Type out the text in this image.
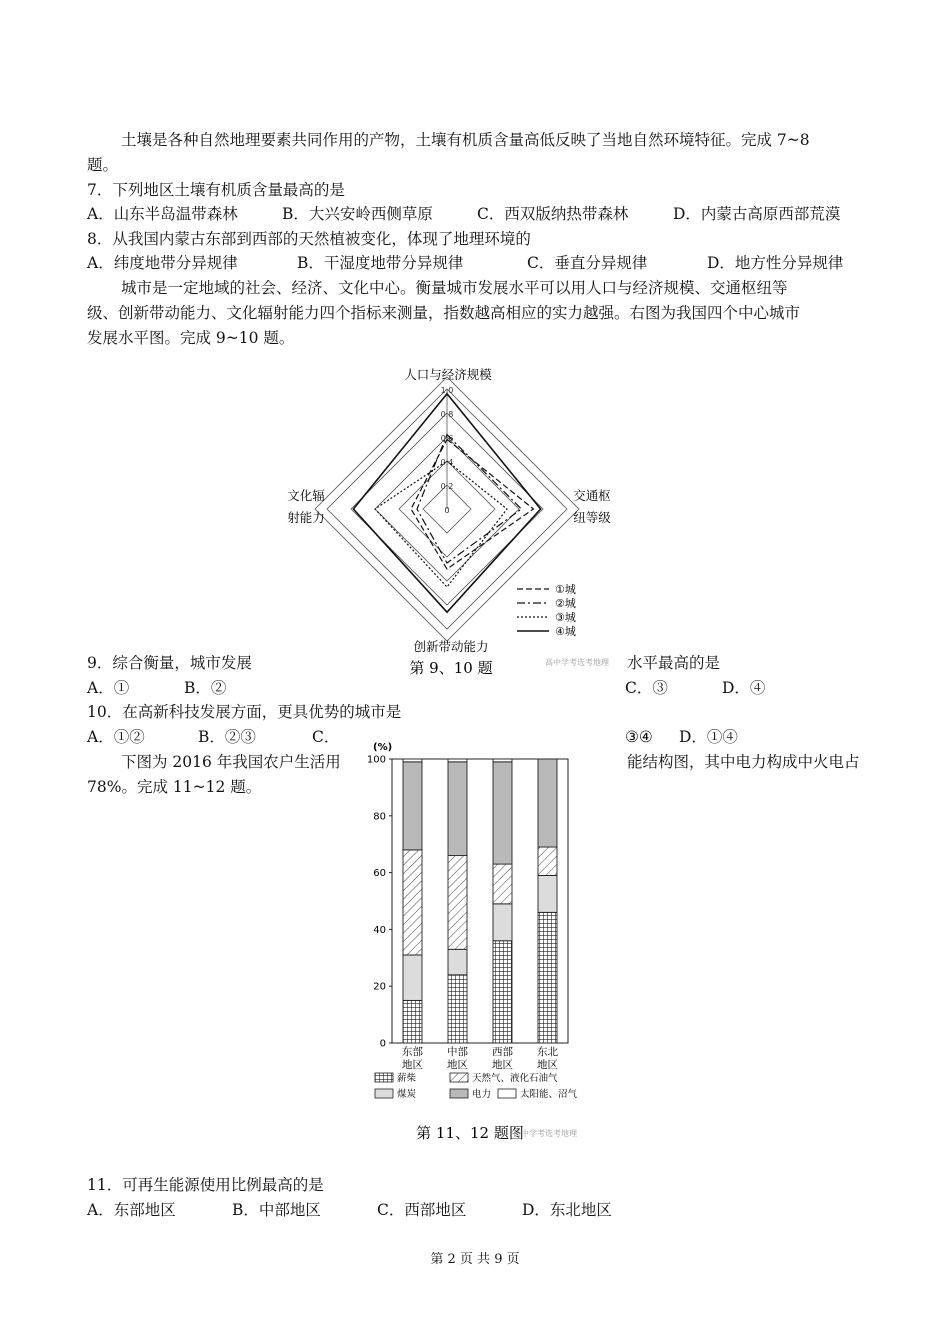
土壤是各种自然地理要素共同作用的产物，土壤有机质含量高低反映了当地自然环境特征。完成 7~8
题。
7．下列地区土壤有机质含量最高的是
A．山东半岛温带森林	B．大兴安岭西侧草原	C．西双版纳热带森林	D．内蒙古高原西部荒漠
8．从我国内蒙古东部到西部的天然植被变化，体现了地理环境的
A．纬度地带分异规律	B．干湿度地带分异规律	C．垂直分异规律	D．地方性分异规律
城市是一定地域的社会、经济、文化中心。衡量城市发展水平可以用人口与经济规模、交通枢纽等
级、创新带动能力、文化辐射能力四个指标来测量，指数越高相应的实力越强。右图为我国四个中心城市
发展水平图。完成 9~10 题。
0
0.2
0.4
0.6
0.8
1.0
人口与经济规模
交通枢
纽等级
文化辐
射能力
创新带动能力
①城
②城
③城
④城
第 9、10 题	高中学考选考地理
9．综合衡量，城市发展	水平最高的是
A．①	B．②	C．③	D．④
10．在高新科技发展方面，更具优势的城市是
A．①②	B．②③	C．	③④ D．①④
下图为 2016 年我国农户生活用	能结构图，其中电力构成中火电占
78%。完成 11~12 题。
0
20
40
60
80
100
东部
地区
中部
地区
西部
地区
东北
地区
(%)
薪柴	天然气、液化石油气
煤炭	电力	太阳能、沼气
第 11、12 题图
高中学考选考地理
11．可再生能源使用比例最高的是
A．东部地区	B．中部地区	C．西部地区	D．东北地区
第 2 页 共 9 页
